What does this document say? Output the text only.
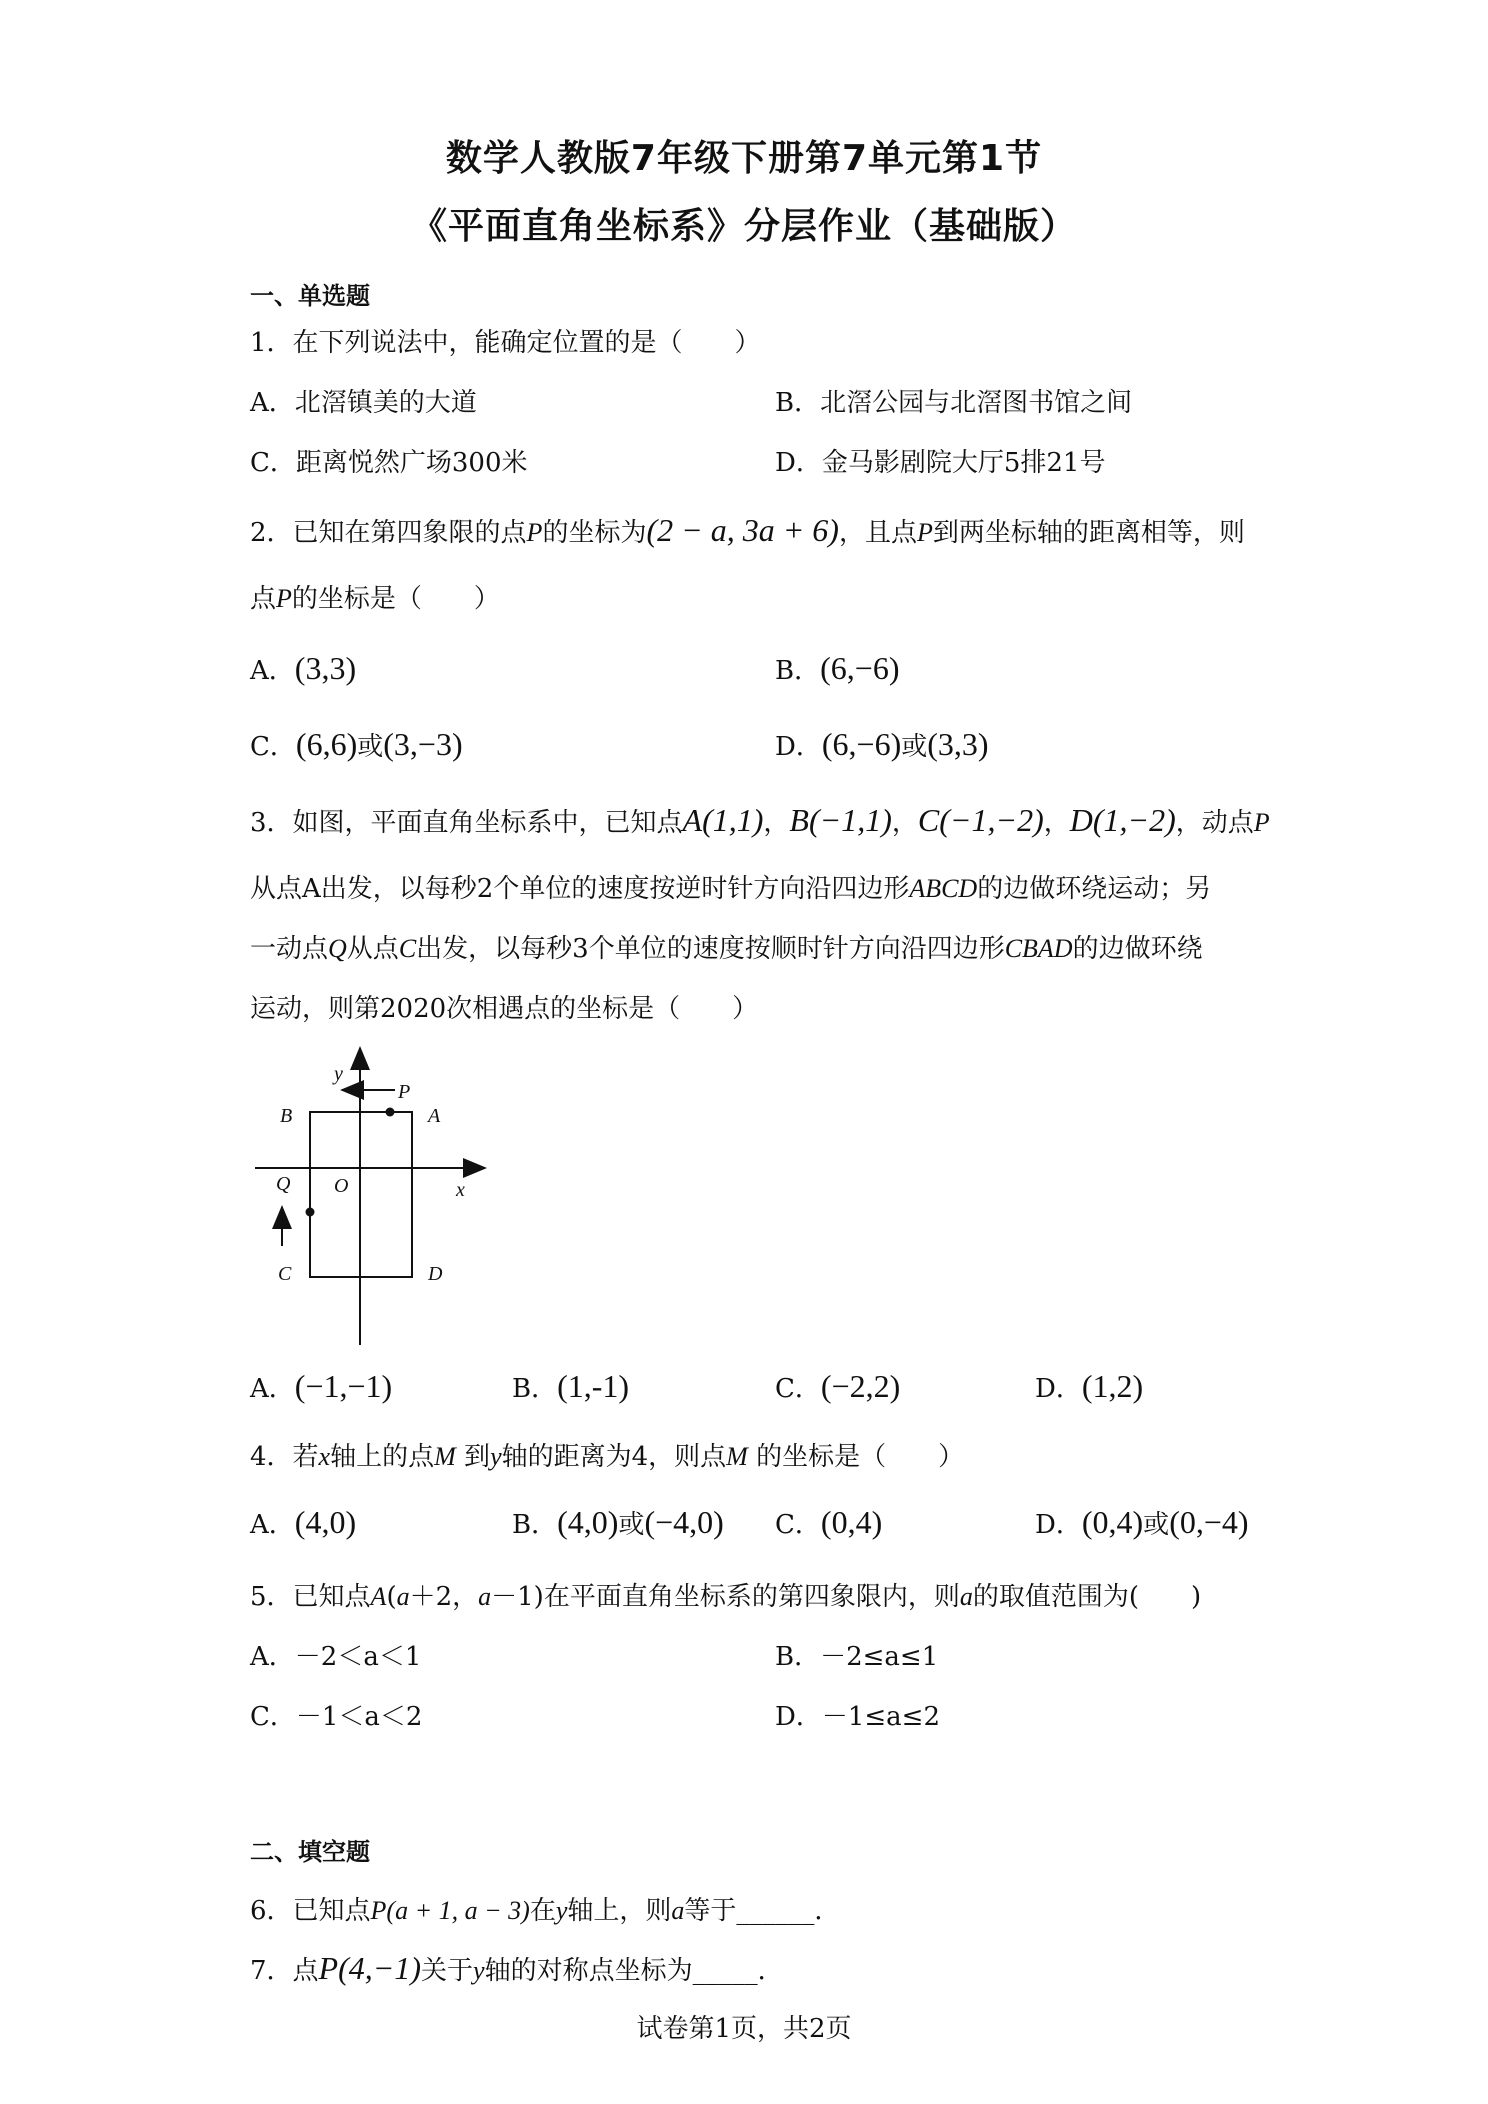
数学人教版7年级下册第7单元第1节
《平面直角坐标系》分层作业（基础版）
一、单选题
1．在下列说法中，能确定位置的是（　　）
A．北滘镇美的大道	B．北滘公园与北滘图书馆之间
C．距离悦然广场300米	D．金马影剧院大厅5排21号
2．已知在第四象限的点P的坐标为(2 − a, 3a + 6)，且点P到两坐标轴的距离相等，则
点P的坐标是（　　）
A．(3,3)	B．(6,−6)
C．(6,6)或(3,−3)	D．(6,−6)或(3,3)
3．如图，平面直角坐标系中，已知点A(1,1)，B(−1,1)，C(−1,−2)，D(1,−2)，动点P
从点A出发，以每秒2个单位的速度按逆时针方向沿四边形ABCD的边做环绕运动；另
一动点Q从点C出发，以每秒3个单位的速度按顺时针方向沿四边形CBAD的边做环绕
运动，则第2020次相遇点的坐标是（　　）
y
P
B	A
Q O	x
C	D
A．(−1,−1)	B．(1,-1)	C．(−2,2)	D．(1,2)
4．若x轴上的点M 到y轴的距离为4，则点M 的坐标是（　　）
A．(4,0)	B．(4,0)或(−4,0) C．(0,4)	D．(0,4)或(0,−4)
5．已知点A(a＋2，a－1)在平面直角坐标系的第四象限内，则a的取值范围为(　　)
A．－2＜a＜1	B．－2≤a≤1
C．－1＜a＜2	D．－1≤a≤2
二、填空题
6．已知点P(a + 1, a − 3)在y轴上，则a等于______．
7．点P(4,−1)关于y轴的对称点坐标为_____．
试卷第1页，共2页
